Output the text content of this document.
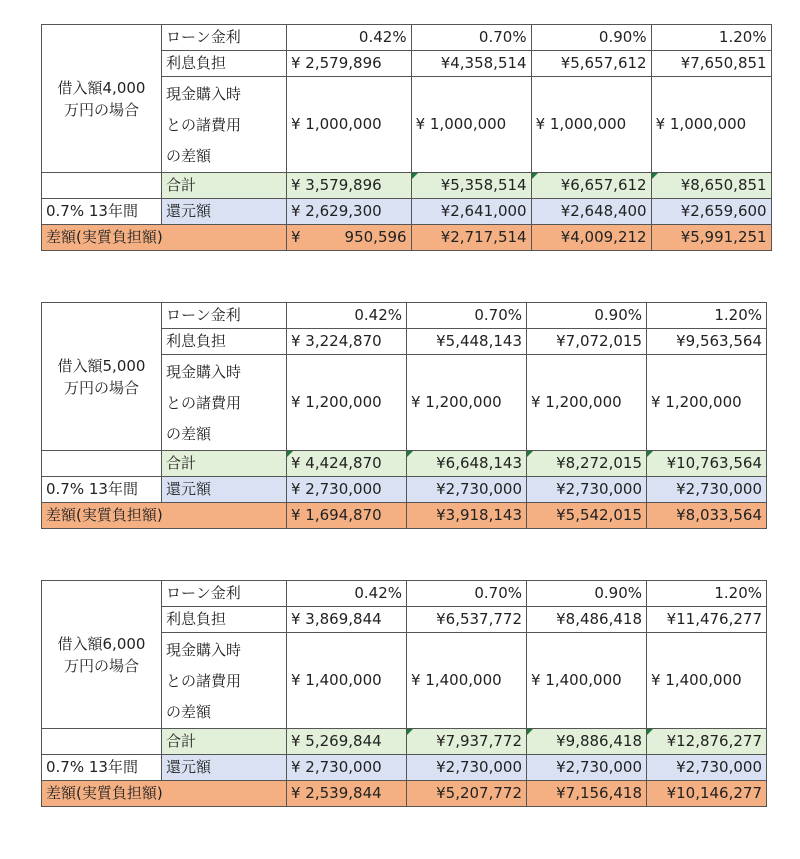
借入額4,000
万円の場合	ローン金利	0.42%	0.70%	0.90%	1.20%
	利息負担	¥ 2,579,896	¥4,358,514	¥5,657,612	¥7,650,851
	現金購入時
との諸費用
の差額	¥ 1,000,000	¥ 1,000,000	¥ 1,000,000	¥ 1,000,000
	合計	¥ 3,579,896	¥5,358,514	¥6,657,612	¥8,650,851
0.7% 13年間	還元額	¥ 2,629,300	¥2,641,000	¥2,648,400	¥2,659,600
差額(実質負担額)		¥ 950,596	¥2,717,514	¥4,009,212	¥5,991,251
借入額5,000
万円の場合	ローン金利	0.42%	0.70%	0.90%	1.20%
	利息負担	¥ 3,224,870	¥5,448,143	¥7,072,015	¥9,563,564
	現金購入時
との諸費用
の差額	¥ 1,200,000	¥ 1,200,000	¥ 1,200,000	¥ 1,200,000
	合計	¥ 4,424,870	¥6,648,143	¥8,272,015	¥10,763,564
0.7% 13年間	還元額	¥ 2,730,000	¥2,730,000	¥2,730,000	¥2,730,000
差額(実質負担額)		¥ 1,694,870	¥3,918,143	¥5,542,015	¥8,033,564
借入額6,000
万円の場合	ローン金利	0.42%	0.70%	0.90%	1.20%
	利息負担	¥ 3,869,844	¥6,537,772	¥8,486,418	¥11,476,277
	現金購入時
との諸費用
の差額	¥ 1,400,000	¥ 1,400,000	¥ 1,400,000	¥ 1,400,000
	合計	¥ 5,269,844	¥7,937,772	¥9,886,418	¥12,876,277
0.7% 13年間	還元額	¥ 2,730,000	¥2,730,000	¥2,730,000	¥2,730,000
差額(実質負担額)		¥ 2,539,844	¥5,207,772	¥7,156,418	¥10,146,277
